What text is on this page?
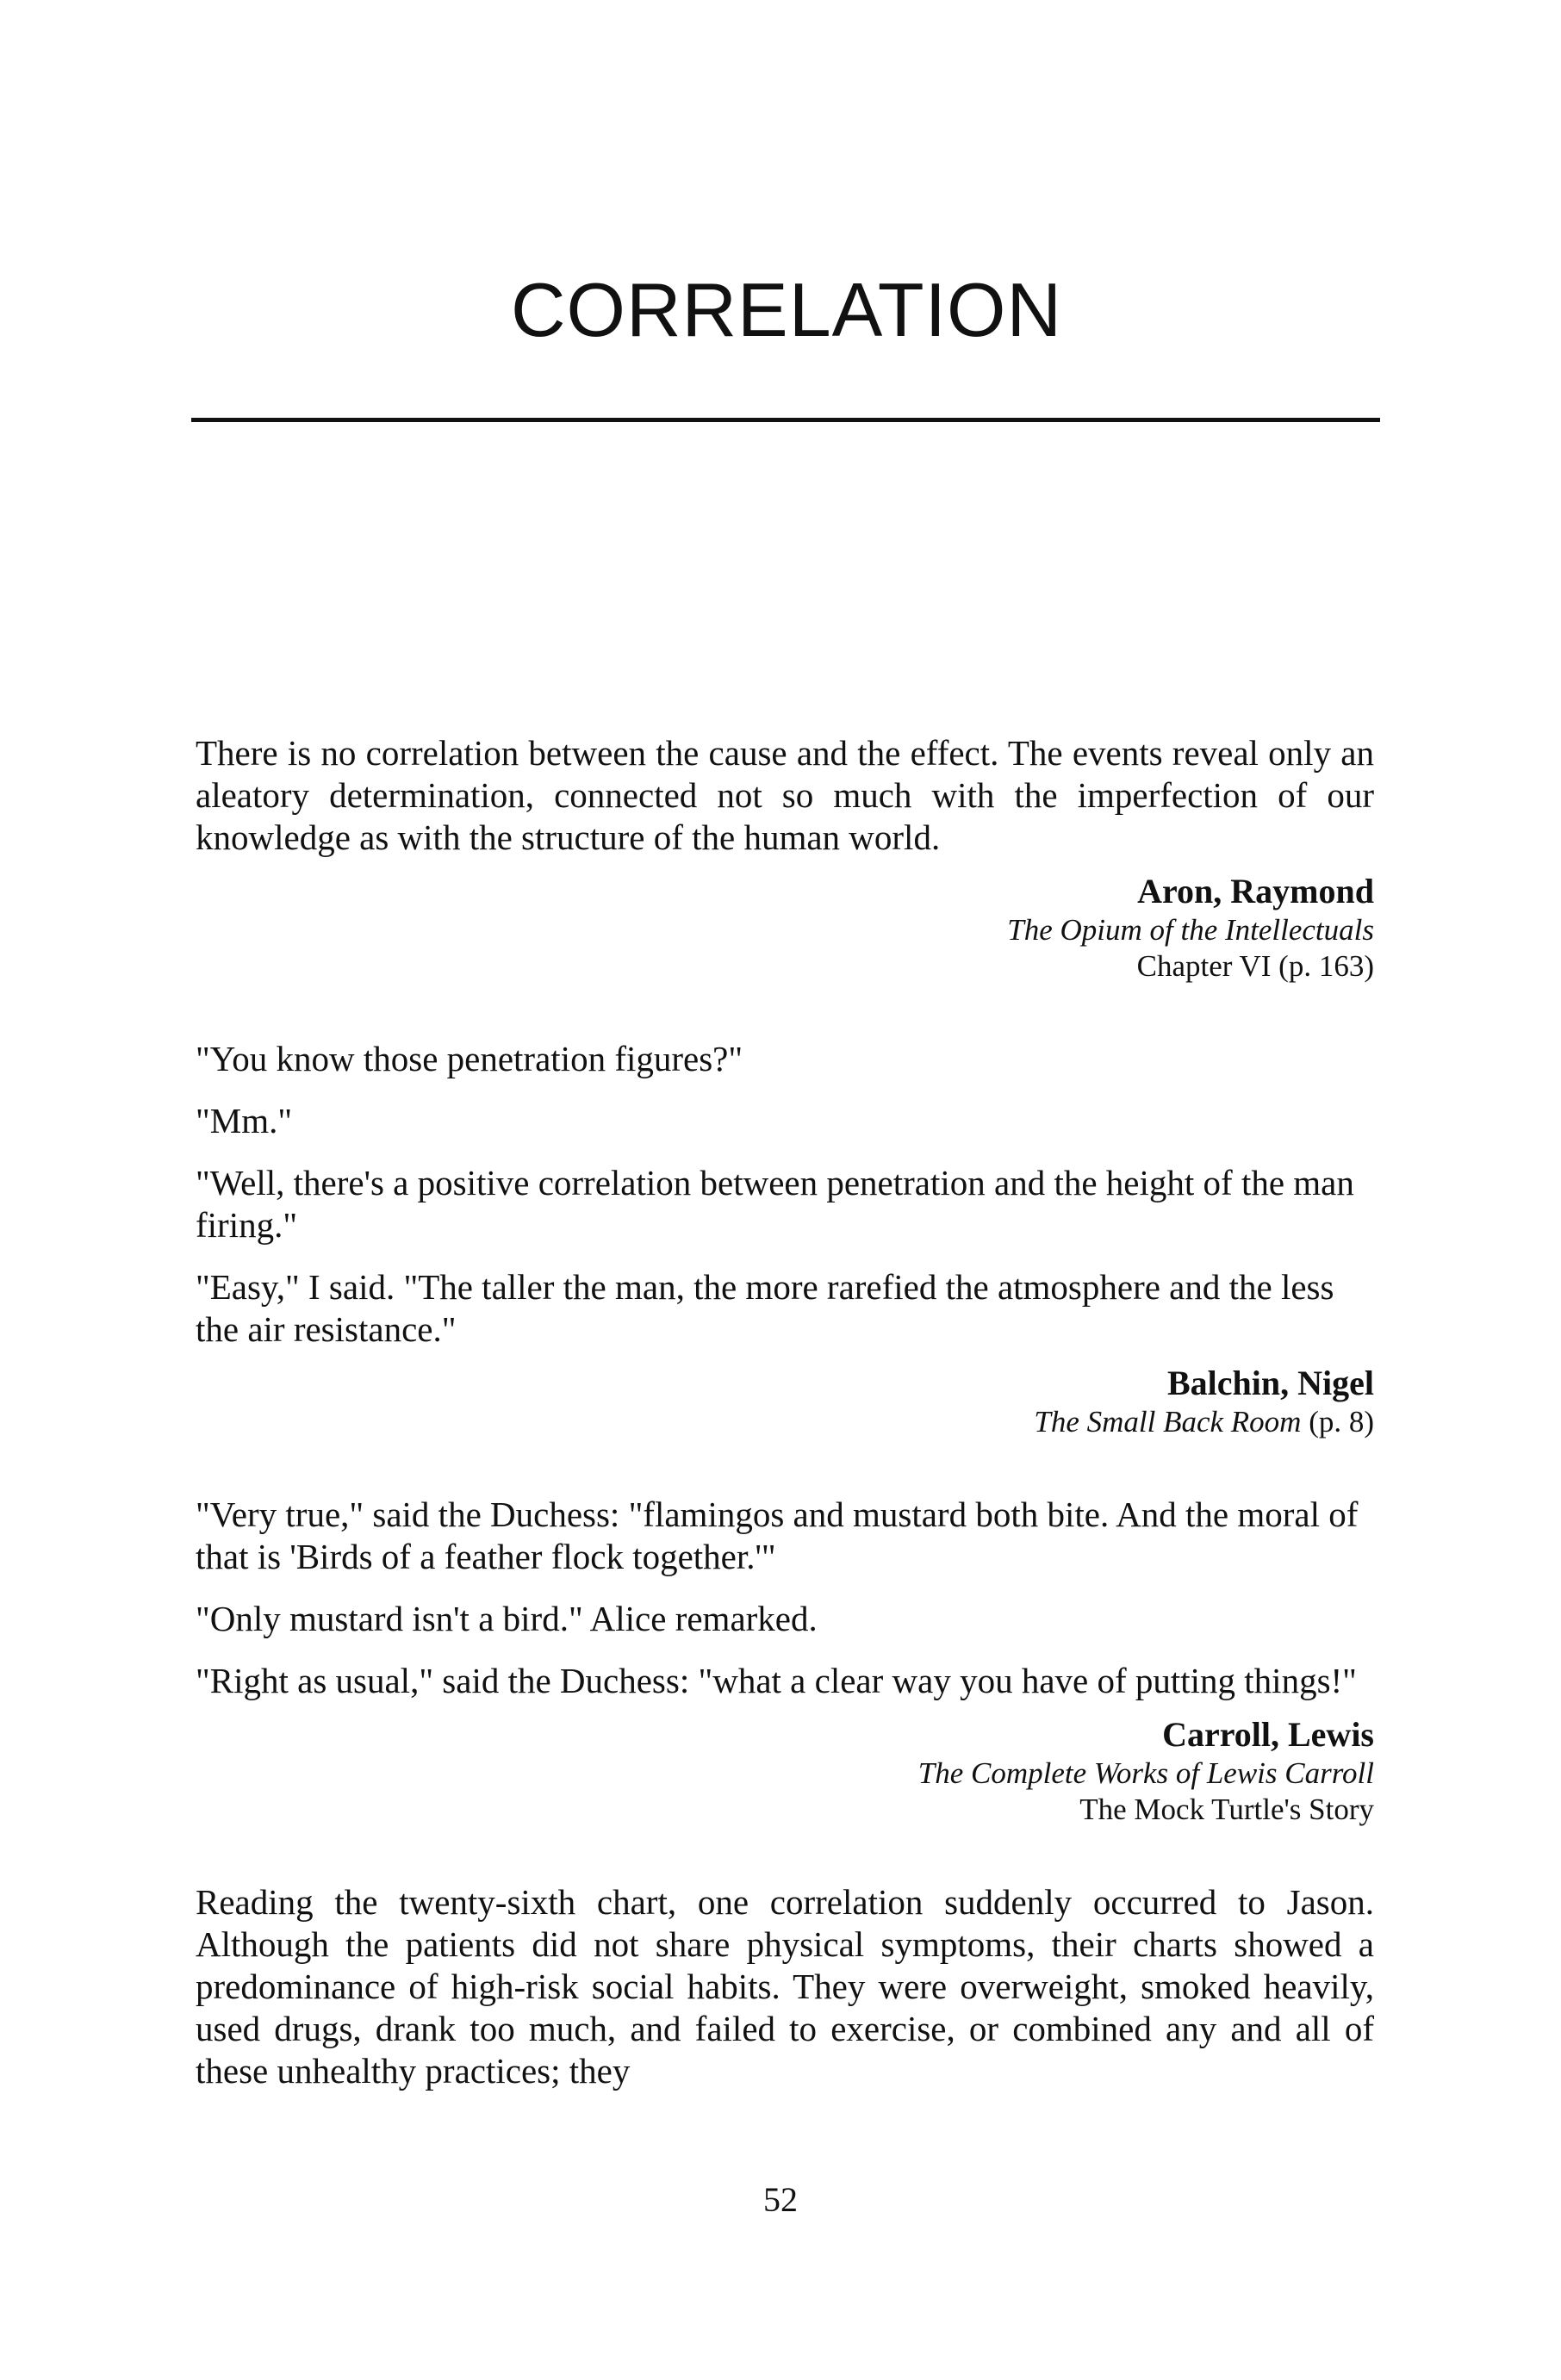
CORRELATION

There is no correlation between the cause and the effect. The events reveal only an aleatory determination, connected not so much with the imperfection of our knowledge as with the structure of the human world.

Aron, Raymond
The Opium of the Intellectuals
Chapter VI (p. 163)

"You know those penetration figures?"

"Mm."

"Well, there's a positive correlation between penetration and the height of the man firing."

"Easy," I said. "The taller the man, the more rarefied the atmosphere and the less the air resistance."

Balchin, Nigel
The Small Back Room (p. 8)

"Very true," said the Duchess: "flamingos and mustard both bite. And the moral of that is 'Birds of a feather flock together.'"

"Only mustard isn't a bird." Alice remarked.

"Right as usual," said the Duchess: "what a clear way you have of putting things!"

Carroll, Lewis
The Complete Works of Lewis Carroll
The Mock Turtle's Story

Reading the twenty-sixth chart, one correlation suddenly occurred to Jason. Although the patients did not share physical symptoms, their charts showed a predominance of high-risk social habits. They were overweight, smoked heavily, used drugs, drank too much, and failed to exercise, or combined any and all of these unhealthy practices; they

52
